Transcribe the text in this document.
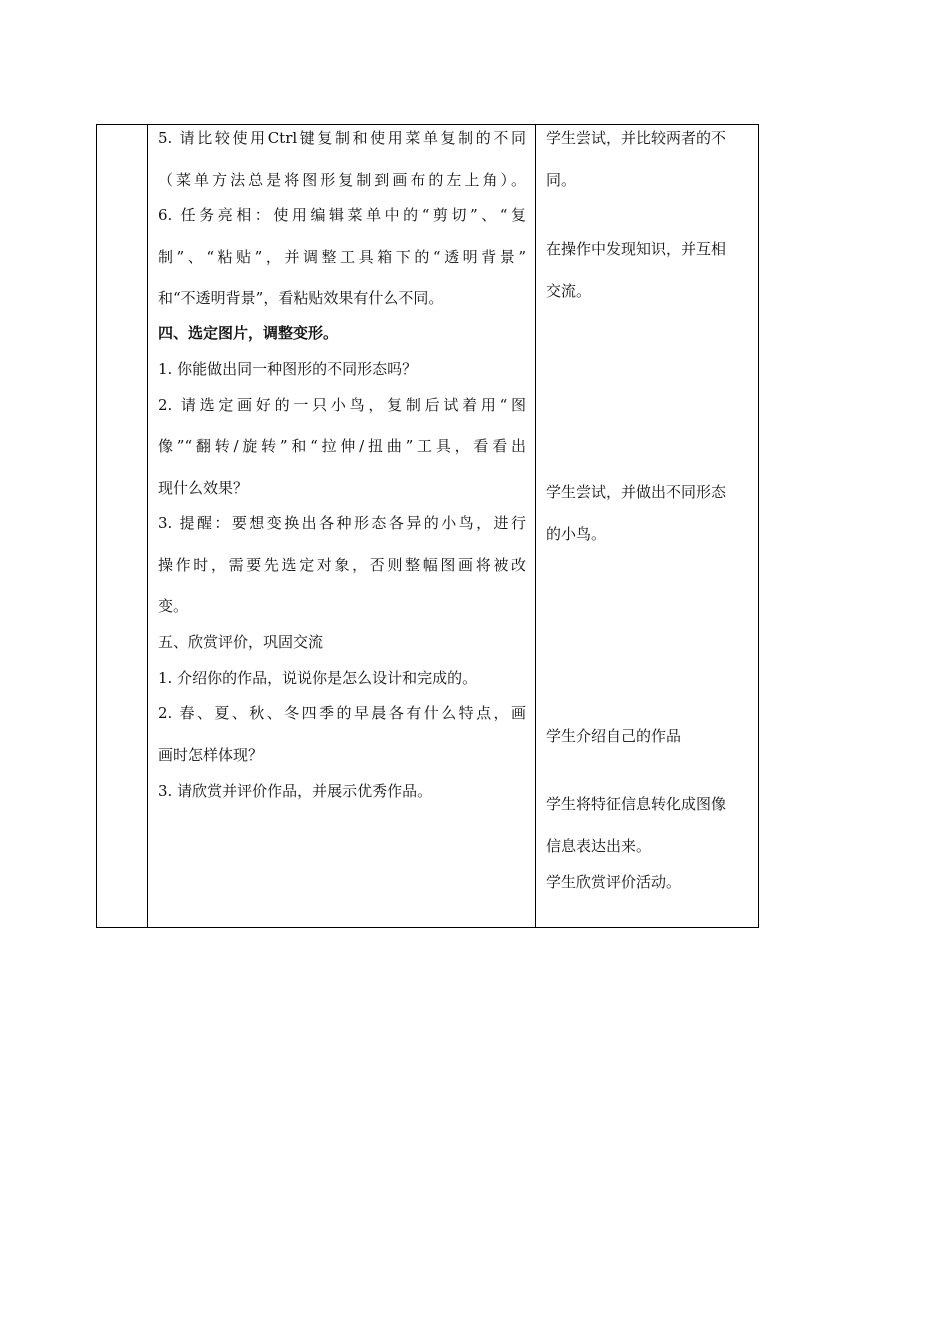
5. 请比较使用Ctrl键复制和使用菜单复制的不同
（菜单方法总是将图形复制到画布的左上角）。
6. 任务亮相：使用编辑菜单中的“剪切”、“复
制”、“粘贴”，并调整工具箱下的“透明背景”
和“不透明背景”，看粘贴效果有什么不同。
四、选定图片，调整变形。
1. 你能做出同一种图形的不同形态吗？
2. 请选定画好的一只小鸟，复制后试着用“图
像”“翻转/旋转”和“拉伸/扭曲”工具，看看出
现什么效果？
3. 提醒：要想变换出各种形态各异的小鸟，进行
操作时，需要先选定对象，否则整幅图画将被改
变。
五、欣赏评价，巩固交流
1. 介绍你的作品，说说你是怎么设计和完成的。
2. 春、夏、秋、冬四季的早晨各有什么特点，画
画时怎样体现？
3. 请欣赏并评价作品，并展示优秀作品。
学生尝试，并比较两者的不
同。
在操作中发现知识，并互相
交流。
学生尝试，并做出不同形态
的小鸟。
学生介绍自己的作品
学生将特征信息转化成图像
信息表达出来。
学生欣赏评价活动。
